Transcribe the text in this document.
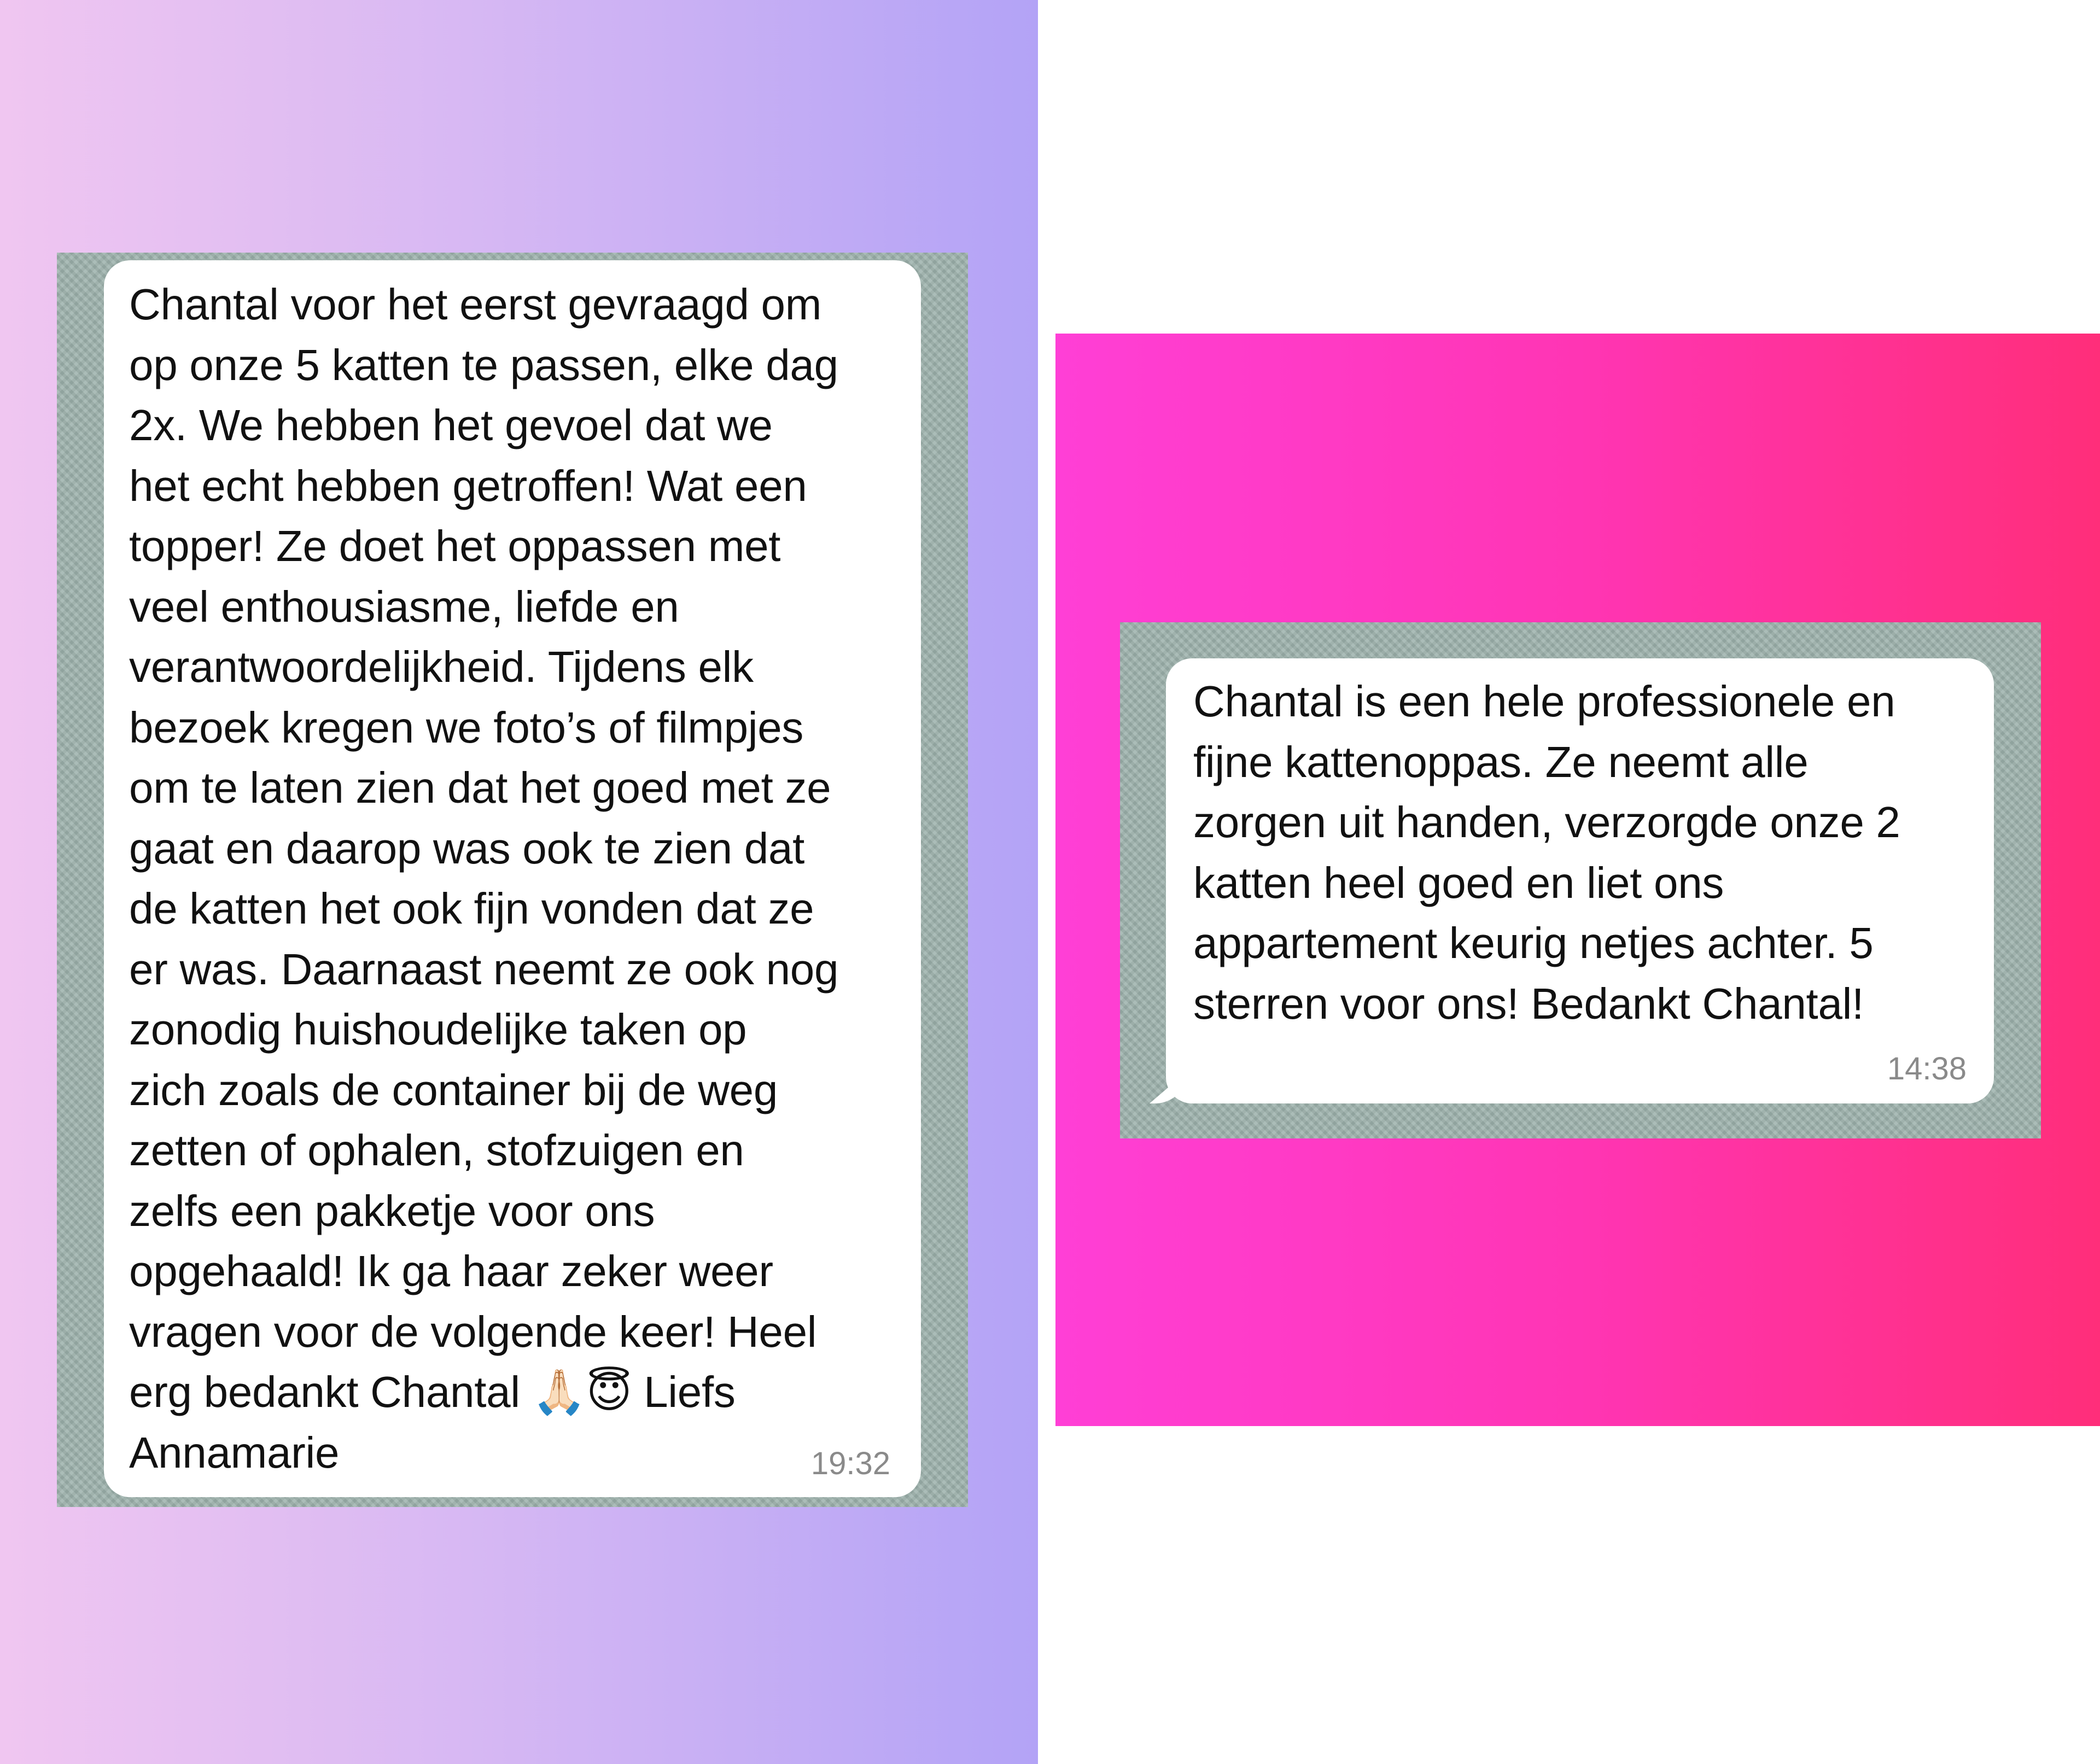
Chantal voor het eerst gevraagd om
op onze 5 katten te passen, elke dag
2x. We hebben het gevoel dat we
het echt hebben getroffen! Wat een
topper! Ze doet het oppassen met
veel enthousiasme, liefde en
verantwoordelijkheid. Tijdens elk
bezoek kregen we foto’s of filmpjes
om te laten zien dat het goed met ze
gaat en daarop was ook te zien dat
de katten het ook fijn vonden dat ze
er was. Daarnaast neemt ze ook nog
zonodig huishoudelijke taken op
zich zoals de container bij de weg
zetten of ophalen, stofzuigen en
zelfs een pakketje voor ons
opgehaald! Ik ga haar zeker weer
vragen voor de volgende keer! Heel
erg bedankt Chantal 🙏🏻😇 Liefs
Annamarie	19:32

Chantal is een hele professionele en
fijne kattenoppas. Ze neemt alle
zorgen uit handen, verzorgde onze 2
katten heel goed en liet ons
appartement keurig netjes achter. 5
sterren voor ons! Bedankt Chantal!

14:38
